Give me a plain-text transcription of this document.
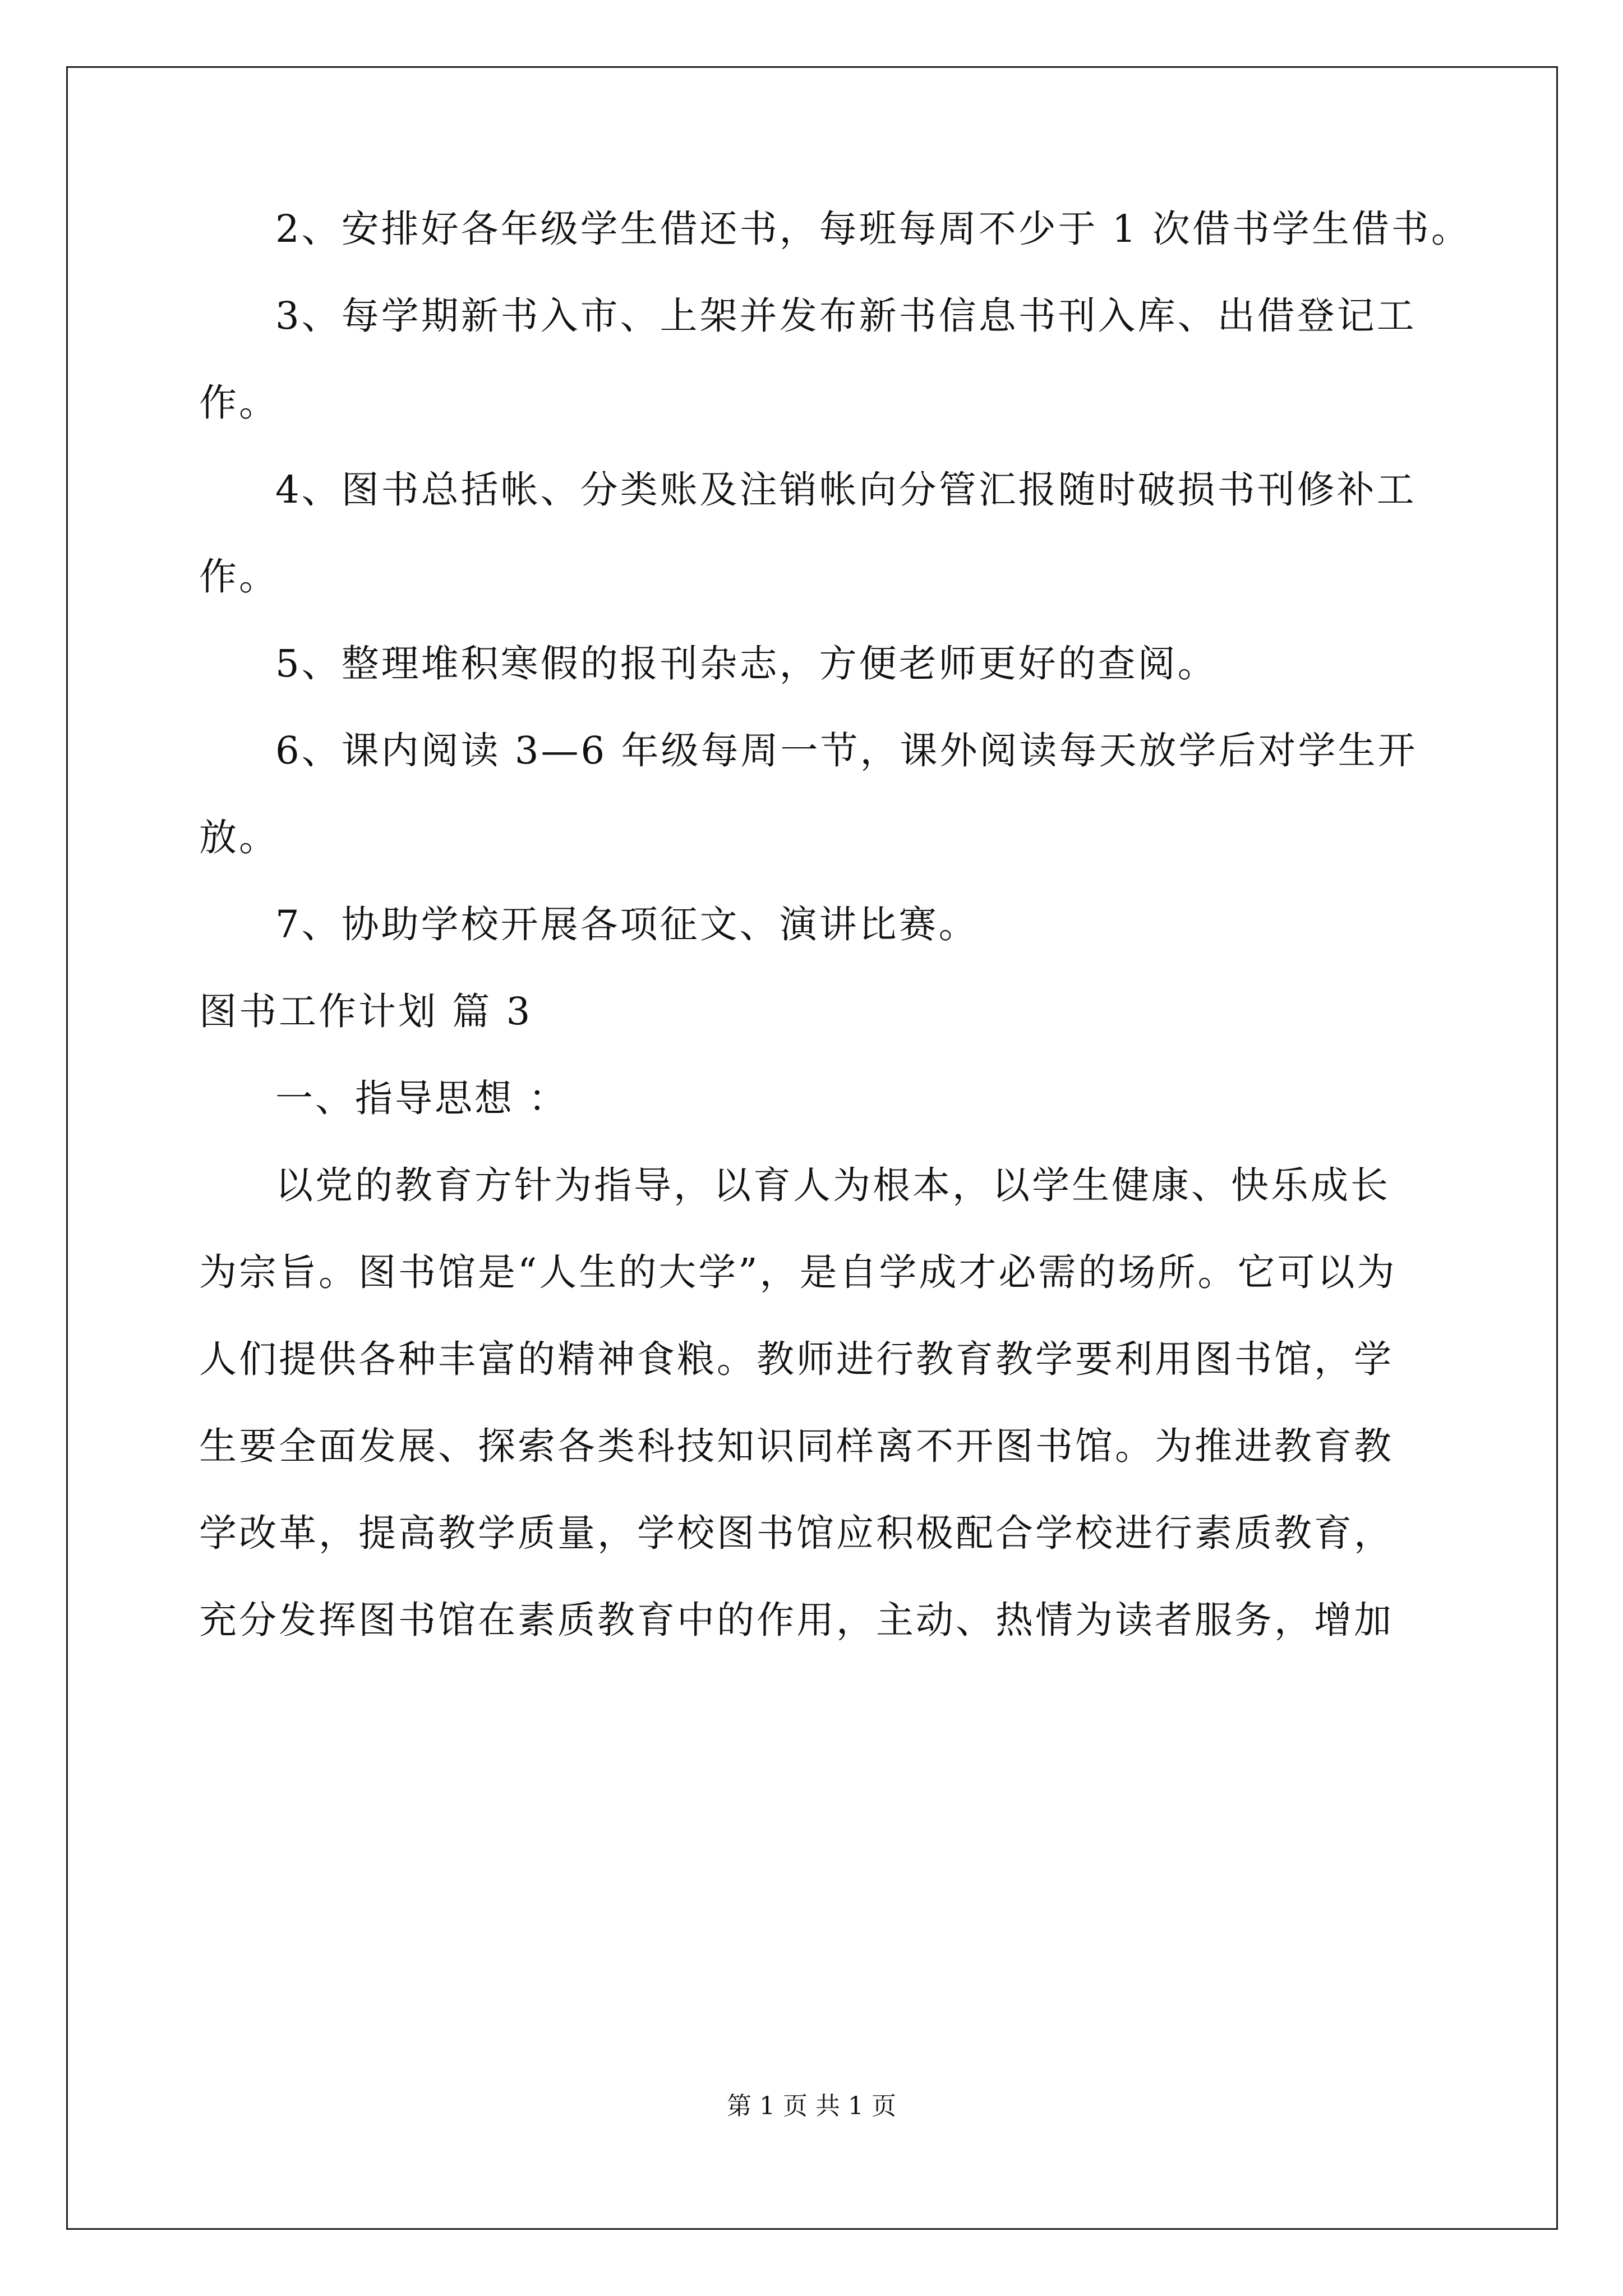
2、安排好各年级学生借还书，每班每周不少于 1 次借书学生借书。
3、每学期新书入市、上架并发布新书信息书刊入库、出借登记工
作。
4、图书总括帐、分类账及注销帐向分管汇报随时破损书刊修补工
作。
5、整理堆积寒假的报刊杂志，方便老师更好的查阅。
6、课内阅读 3—6 年级每周一节，课外阅读每天放学后对学生开
放。
7、协助学校开展各项征文、演讲比赛。
图书工作计划 篇 3
一、指导思想 ：
以党的教育方针为指导，以育人为根本，以学生健康、快乐成长
为宗旨。图书馆是“人生的大学”，是自学成才必需的场所。它可以为
人们提供各种丰富的精神食粮。教师进行教育教学要利用图书馆，学
生要全面发展、探索各类科技知识同样离不开图书馆。为推进教育教
学改革，提高教学质量，学校图书馆应积极配合学校进行素质教育，
充分发挥图书馆在素质教育中的作用，主动、热情为读者服务，增加
第 1 页 共 1 页
